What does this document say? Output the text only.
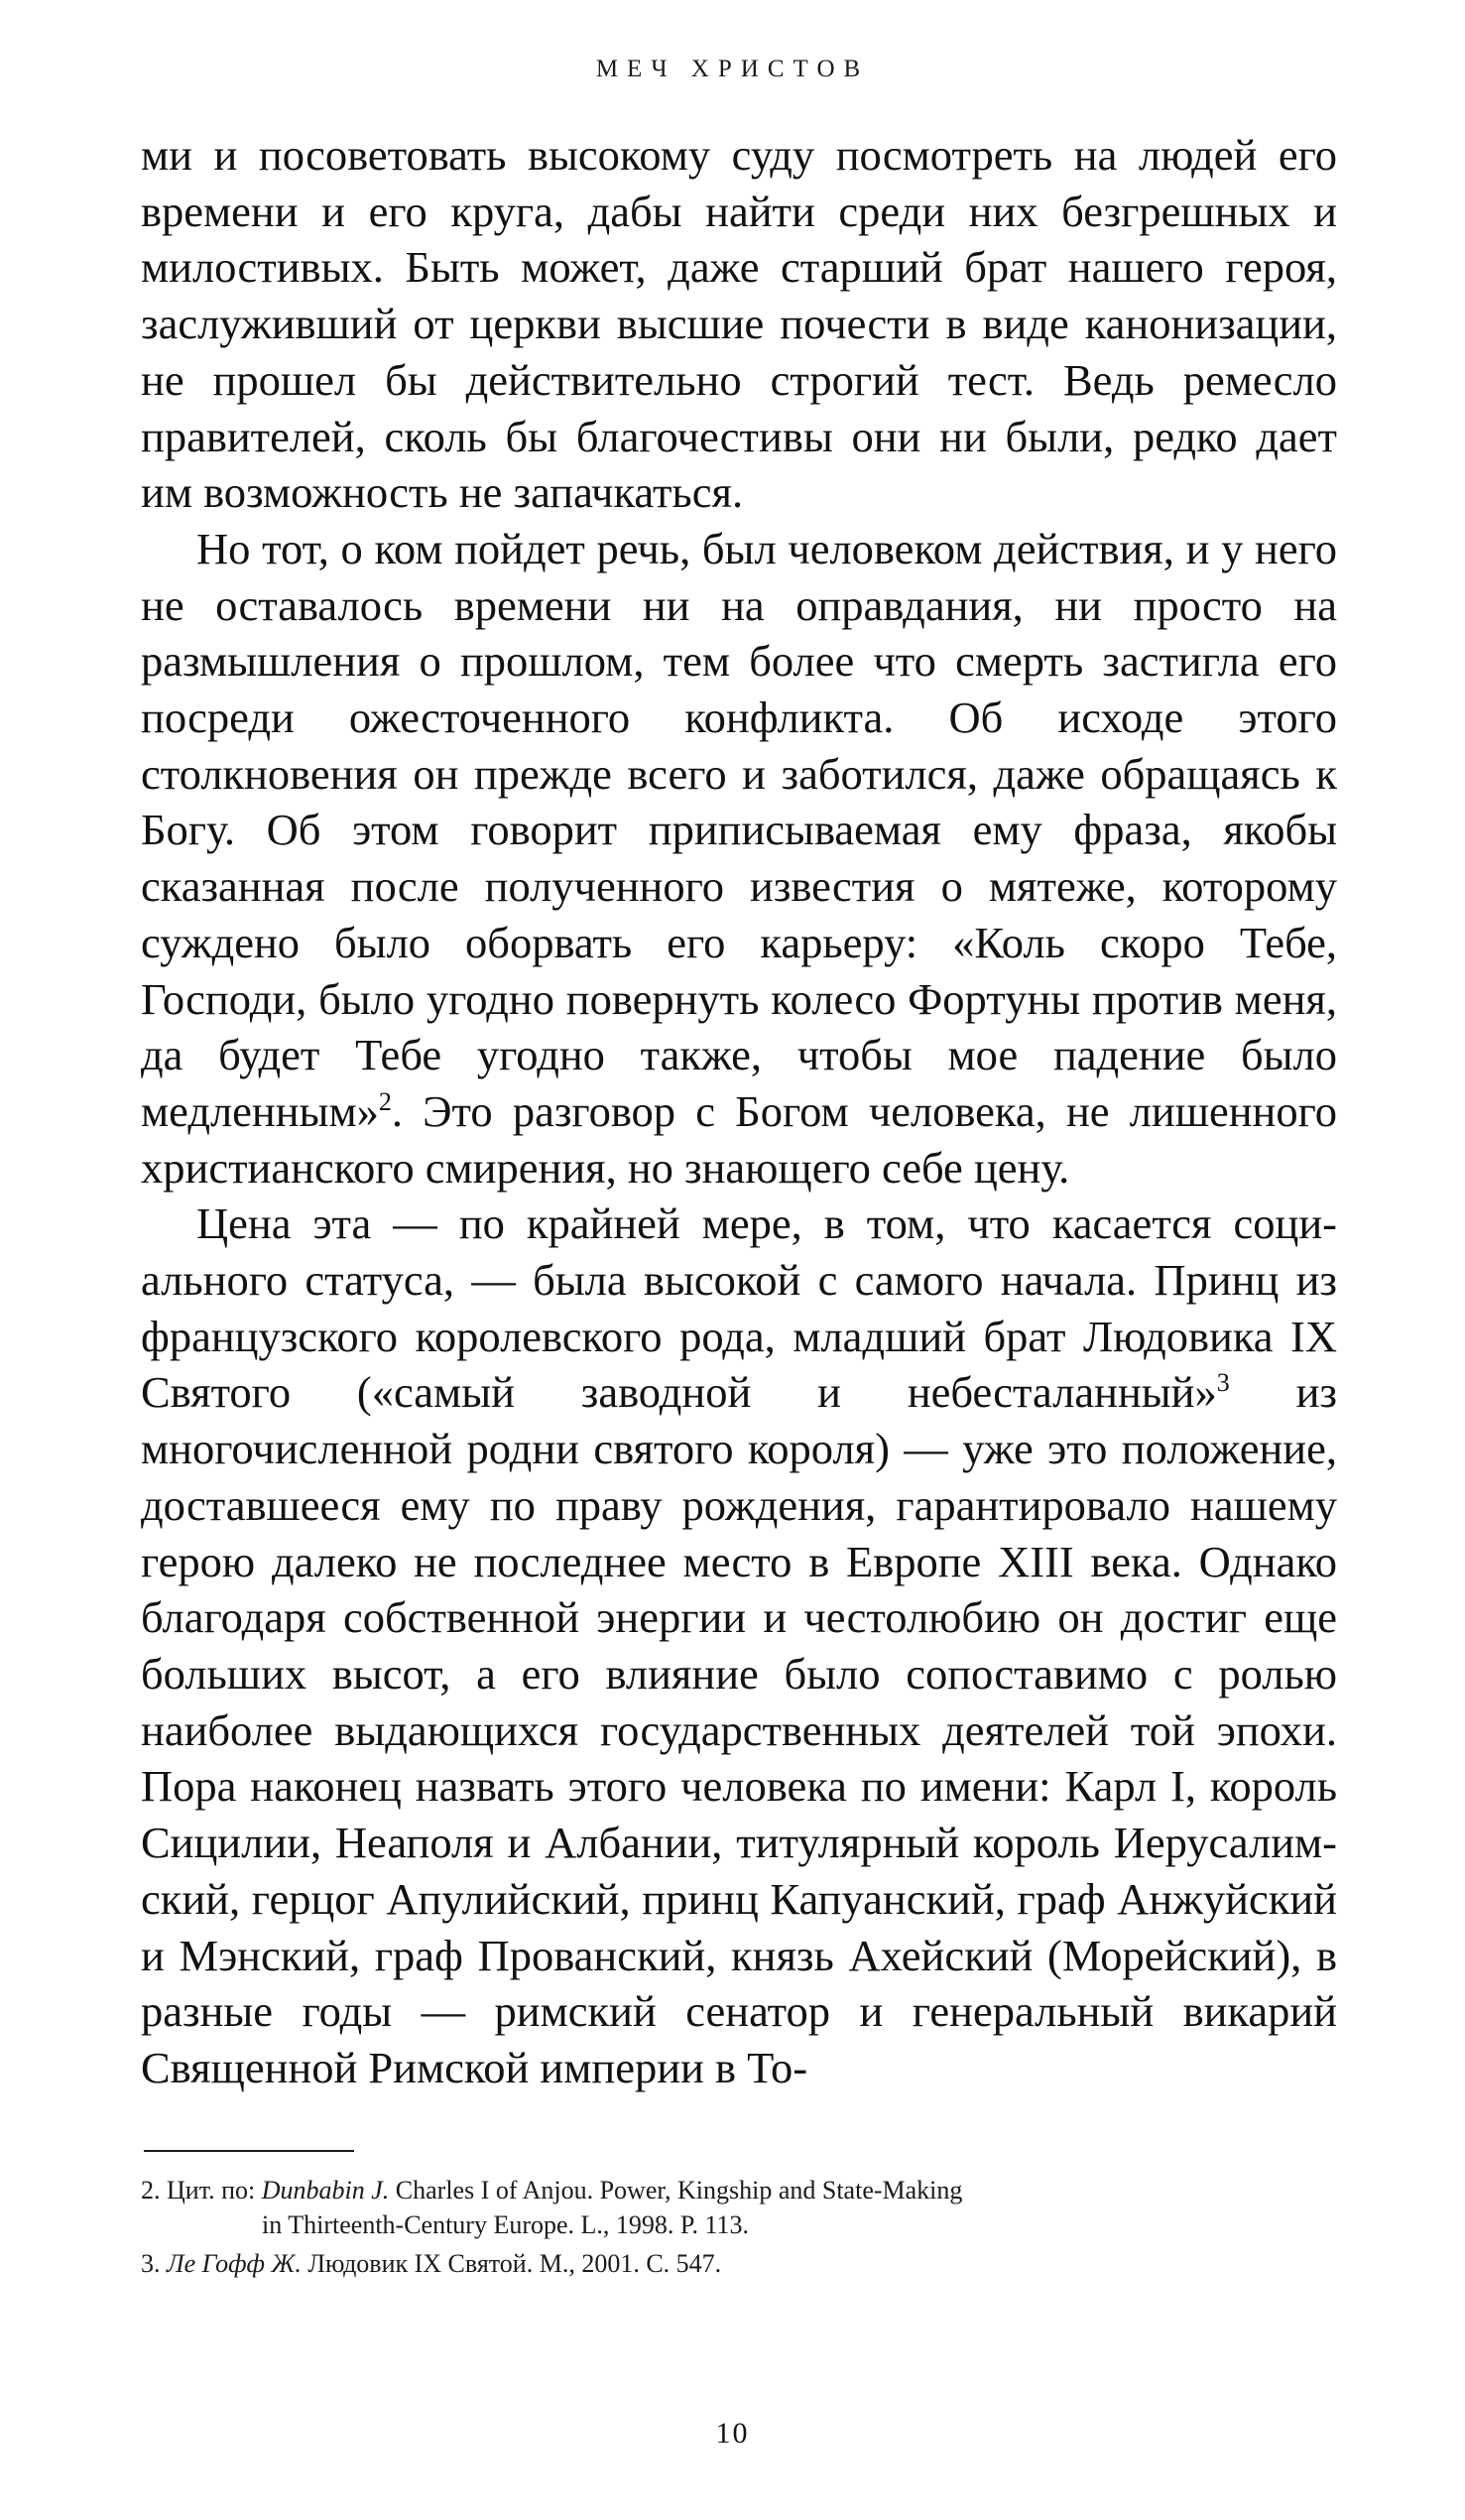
МЕЧ ХРИСТОВ

ми и посоветовать высокому суду посмотреть на людей его времени и его круга, дабы найти среди них безгрешных и милостивых. Быть может, даже старший брат нашего героя, заслуживший от церкви высшие почести в виде канонизации, не прошел бы действительно строгий тест. Ведь ремесло правителей, сколь бы благочестивы они ни были, редко дает им возможность не запачкаться.

Но тот, о ком пойдет речь, был человеком действия, и у него не оставалось времени ни на оправдания, ни просто на размышления о прошлом, тем более что смерть застигла его посреди ожесточенного конфликта. Об исходе этого столкновения он прежде всего и заботился, даже обращаясь к Богу. Об этом говорит приписываемая ему фраза, якобы сказанная после полученного известия о мятеже, которому суждено было оборвать его карьеру: «Коль скоро Тебе, Господи, было угодно повернуть колесо Фортуны против меня, да будет Тебе угодно также, чтобы мое падение было медленным»$^2$. Это разговор с Богом человека, не лишенного христианского смирения, но знающего себе цену.

Цена эта — по крайней мере, в том, что касается социального статуса, — была высокой с самого начала. Принц из французского королевского рода, младший брат Людовика IX Святого («самый заводной и небесталанный»$^3$ из многочисленной родни святого короля) — уже это положение, доставшееся ему по праву рождения, гарантировало нашему герою далеко не последнее место в Европе XIII века. Однако благодаря собственной энергии и честолюбию он достиг еще больших высот, а его влияние было сопоставимо с ролью наиболее выдающихся государственных деятелей той эпохи. Пора наконец назвать этого человека по имени: Карл I, король Сицилии, Неаполя и Албании, титулярный король Иерусалимский, герцог Апулийский, принц Капуанский, граф Анжуйский и Мэнский, граф Прованский, князь Ахейский (Морейский), в разные годы — римский сенатор и генеральный викарий Священной Римской империи в То-

2. Цит. по: Dunbabin J. Charles I of Anjou. Power, Kingship and State-Making
in Thirteenth-Century Europe. L., 1998. P. 113.
3. Ле Гофф Ж. Людовик IX Святой. М., 2001. С. 547.
10
